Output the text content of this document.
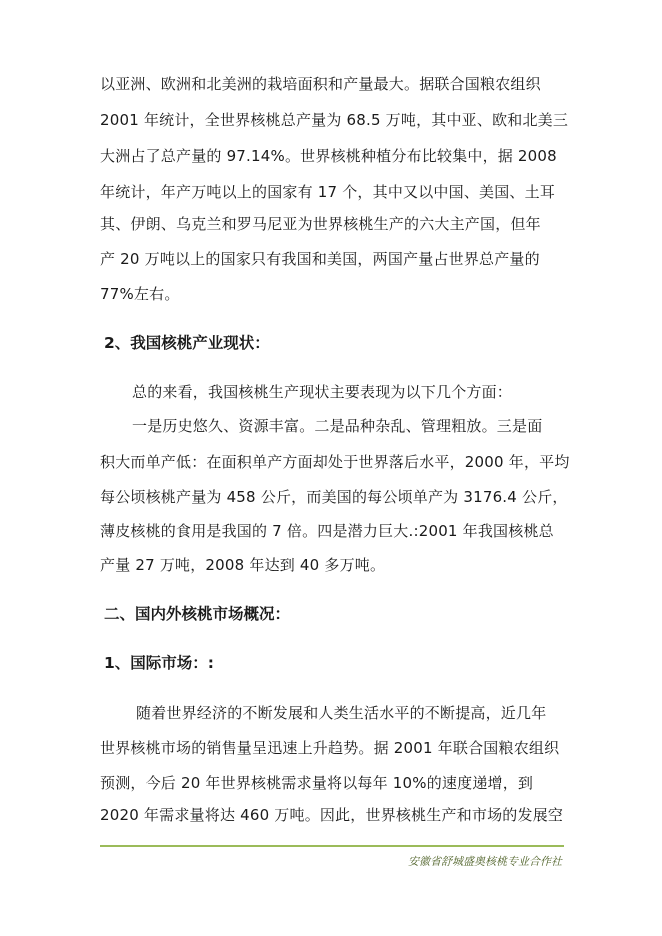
以亚洲、欧洲和北美洲的栽培面积和产量最大。据联合国粮农组织
2001 年统计，全世界核桃总产量为 68.5 万吨，其中亚、欧和北美三
大洲占了总产量的 97.14%。世界核桃种植分布比较集中，据 2008
年统计，年产万吨以上的国家有 17 个，其中又以中国、美国、土耳
其、伊朗、乌克兰和罗马尼亚为世界核桃生产的六大主产国，但年
产 20 万吨以上的国家只有我国和美国，两国产量占世界总产量的
77%左右。
2、我国核桃产业现状：
总的来看，我国核桃生产现状主要表现为以下几个方面：
一是历史悠久、资源丰富。二是品种杂乱、管理粗放。三是面
积大而单产低：在面积单产方面却处于世界落后水平，2000 年，平均
每公顷核桃产量为 458 公斤，而美国的每公顷单产为 3176.4 公斤，
薄皮核桃的食用是我国的 7 倍。四是潜力巨大.:2001 年我国核桃总
产量 27 万吨，2008 年达到 40 多万吨。
二、国内外核桃市场概况：
1、国际市场：:
随着世界经济的不断发展和人类生活水平的不断提高，近几年
世界核桃市场的销售量呈迅速上升趋势。据 2001 年联合国粮农组织
预测，今后 20 年世界核桃需求量将以每年 10%的速度递增，到
2020 年需求量将达 460 万吨。因此，世界核桃生产和市场的发展空
安徽省舒城盛奥核桃专业合作社
